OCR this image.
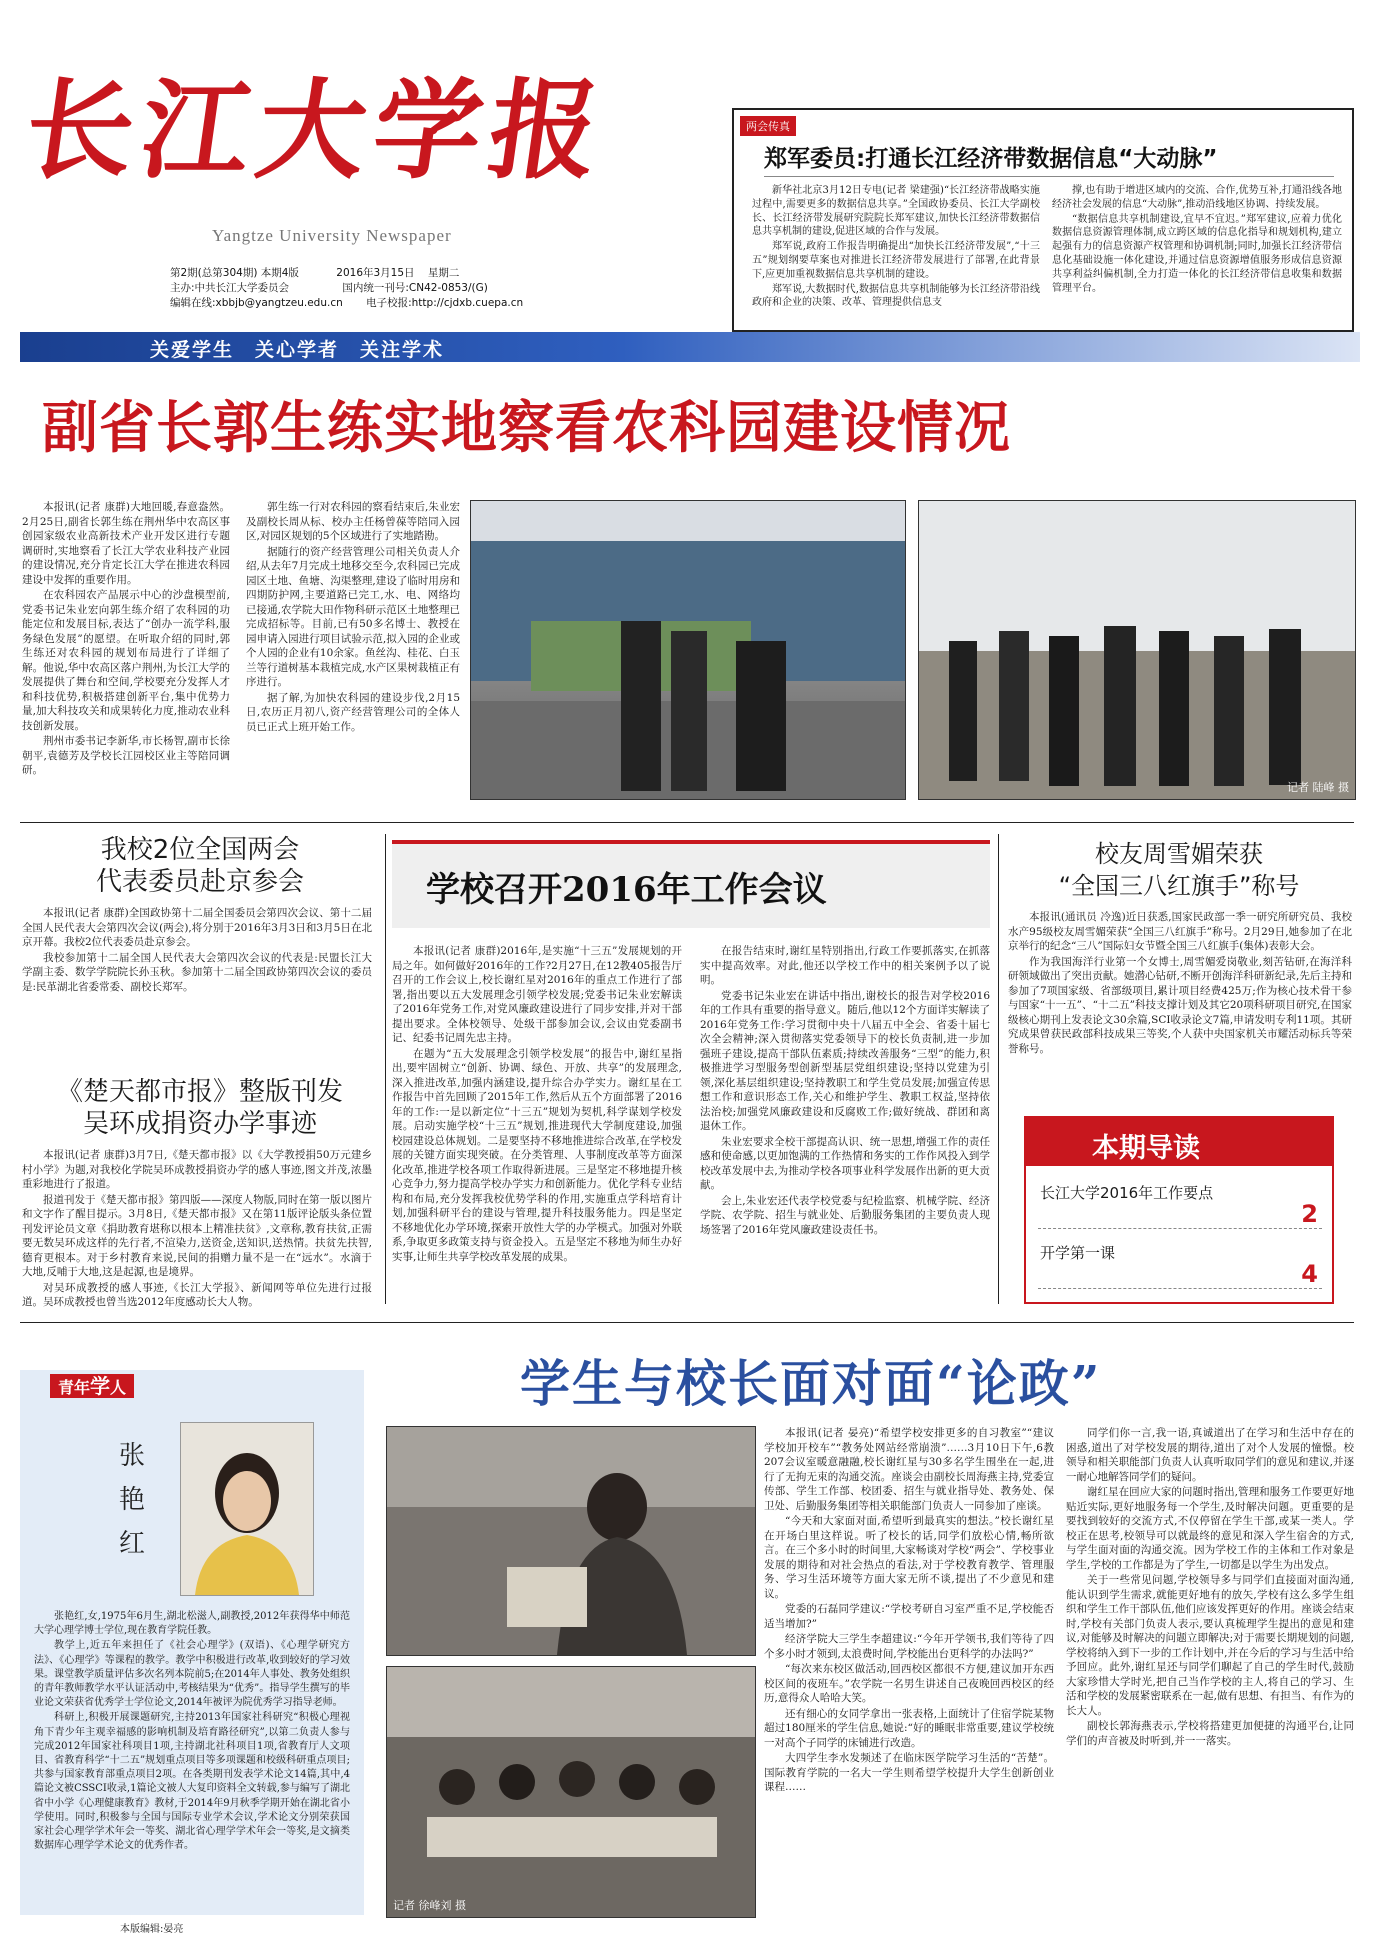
长江大学报
Yangtze University Newspaper
第2期(总第304期) 本期4版	2016年3月15日 星期二
主办:中共长江大学委员会	国内统一刊号:CN42-0853/(G)
编辑在线:xbbjb@yangtzeu.edu.cn 电子校报:http://cjdxb.cuepa.cn
关爱学生　关心学者　关注学术
两会传真
郑军委员:打通长江经济带数据信息“大动脉”

新华社北京3月12日专电(记者 梁建强)“长江经济带战略实施过程中,需要更多的数据信息共享。”全国政协委员、长江大学副校长、长江经济带发展研究院院长郑军建议,加快长江经济带数据信息共享机制的建设,促进区域的合作与发展。

郑军说,政府工作报告明确提出“加快长江经济带发展”,“十三五”规划纲要草案也对推进长江经济带发展进行了部署,在此背景下,应更加重视数据信息共享机制的建设。

郑军说,大数据时代,数据信息共享机制能够为长江经济带沿线政府和企业的决策、改革、管理提供信息支

撑,也有助于增进区域内的交流、合作,优势互补,打通沿线各地经济社会发展的信息“大动脉”,推动沿线地区协调、持续发展。

“数据信息共享机制建设,宜早不宜迟。”郑军建议,应着力优化数据信息资源管理体制,成立跨区域的信息化指导和规划机构,建立起强有力的信息资源产权管理和协调机制;同时,加强长江经济带信息化基础设施一体化建设,并通过信息资源增值服务形成信息资源共享利益纠偏机制,全力打造一体化的长江经济带信息收集和数据管理平台。

副省长郭生练实地察看农科园建设情况

本报讯(记者 康群)大地回暖,春意盎然。2月25日,副省长郭生练在荆州华中农高区事创园家级农业高新技术产业开发区进行专题调研时,实地察看了长江大学农业科技产业园的建设情况,充分肯定长江大学在推进农科园建设中发挥的重要作用。

在农科园农产品展示中心的沙盘模型前,党委书记朱业宏向郭生练介绍了农科园的功能定位和发展目标,表达了“创办一流学科,服务绿色发展”的愿望。在听取介绍的同时,郭生练还对农科园的规划布局进行了详细了解。他说,华中农高区落户荆州,为长江大学的发展提供了舞台和空间,学校要充分发挥人才和科技优势,积极搭建创新平台,集中优势力量,加大科技攻关和成果转化力度,推动农业科技创新发展。

荆州市委书记李新华,市长杨智,副市长徐朝平,袁德芳及学校长江园校区业主等陪同调研。

郭生练一行对农科园的察看结束后,朱业宏及副校长周从标、校办主任杨曾葆等陪同入园区,对园区规划的5个区域进行了实地踏勘。

据随行的资产经营管理公司相关负责人介绍,从去年7月完成土地移交至今,农科园已完成园区土地、鱼塘、沟渠整理,建设了临时用房和四期防护网,主要道路已完工,水、电、网络均已接通,农学院大田作物科研示范区土地整理已完成招标等。目前,已有50多名博士、教授在园申请入园进行项目试验示范,拟入园的企业或个人园的企业有10余家。鱼丝沟、桂花、白玉兰等行道树基本栽植完成,水产区果树栽植正有序进行。

据了解,为加快农科园的建设步伐,2月15日,农历正月初八,资产经营管理公司的全体人员已正式上班开始工作。

记者 陆峰 摄
我校2位全国两会
代表委员赴京参会

本报讯(记者 康群)全国政协第十二届全国委员会第四次会议、第十二届全国人民代表大会第四次会议(两会),将分别于2016年3月3日和3月5日在北京开幕。我校2位代表委员赴京参会。

我校参加第十二届全国人民代表大会第四次会议的代表是:民盟长江大学副主委、数学学院院长孙玉秋。参加第十二届全国政协第四次会议的委员是:民革湖北省委常委、副校长郑军。

《楚天都市报》整版刊发
吴环成捐资办学事迹

本报讯(记者 康群)3月7日,《楚天都市报》以《大学教授捐50万元建乡村小学》为题,对我校化学院吴环成教授捐资办学的感人事迹,图文并茂,浓墨重彩地进行了报道。

报道刊发于《楚天都市报》第四版——深度人物版,同时在第一版以图片和文字作了醒目提示。3月8日,《楚天都市报》又在第11版评论版头条位置刊发评论员文章《捐助教育堪称以根本上精准扶贫》,文章称,教育扶贫,正需要无数吴环成这样的先行者,不渲染力,送资金,送知识,送热情。扶贫先扶智,德育更根本。对于乡村教育来说,民间的捐赠力量不是一在“远水”。水滴于大地,反哺于大地,这是起源,也是境界。

对吴环成教授的感人事迹,《长江大学报》、新闻网等单位先进行过报道。吴环成教授也曾当选2012年度感动长大人物。

学校召开2016年工作会议

本报讯(记者 康群)2016年,是实施“十三五”发展规划的开局之年。如何做好2016年的工作?2月27日,在12教405报告厅召开的工作会议上,校长谢红星对2016年的重点工作进行了部署,指出要以五大发展理念引领学校发展;党委书记朱业宏解读了2016年党务工作,对党风廉政建设进行了同步安排,并对干部提出要求。全体校领导、处级干部参加会议,会议由党委副书记、纪委书记周先忠主持。

在题为“五大发展理念引领学校发展”的报告中,谢红星指出,要牢固树立“创新、协调、绿色、开放、共享”的发展理念,深入推进改革,加强内涵建设,提升综合办学实力。谢红星在工作报告中首先回顾了2015年工作,然后从五个方面部署了2016年的工作:一是以新定位“十三五”规划为契机,科学谋划学校发展。启动实施学校“十三五”规划,推进现代大学制度建设,加强校园建设总体规划。二是要坚持不移地推进综合改革,在学校发展的关键方面实现突破。在分类管理、人事制度改革等方面深化改革,推进学校各项工作取得新进展。三是坚定不移地提升核心竞争力,努力提高学校办学实力和创新能力。优化学科专业结构和布局,充分发挥我校优势学科的作用,实施重点学科培育计划,加强科研平台的建设与管理,提升科技服务能力。四是坚定不移地优化办学环境,探索开放性大学的办学模式。加强对外联系,争取更多政策支持与资金投入。五是坚定不移地为师生办好实事,让师生共享学校改革发展的成果。

在报告结束时,谢红星特别指出,行政工作要抓落实,在抓落实中提高效率。对此,他还以学校工作中的相关案例予以了说明。

党委书记朱业宏在讲话中指出,谢校长的报告对学校2016年的工作具有重要的指导意义。随后,他以12个方面详实解读了2016年党务工作:学习贯彻中央十八届五中全会、省委十届七次全会精神;深入贯彻落实党委领导下的校长负责制,进一步加强班子建设,提高干部队伍素质;持续改善服务“三型”的能力,积极推进学习型服务型创新型基层党组织建设;坚持以党建为引领,深化基层组织建设;坚持教职工和学生党员发展;加强宣传思想工作和意识形态工作,关心和维护学生、教职工权益,坚持依法治校;加强党风廉政建设和反腐败工作;做好统战、群团和离退休工作。

朱业宏要求全校干部提高认识、统一思想,增强工作的责任感和使命感,以更加饱满的工作热情和务实的工作作风投入到学校改革发展中去,为推动学校各项事业科学发展作出新的更大贡献。

会上,朱业宏还代表学校党委与纪检监察、机械学院、经济学院、农学院、招生与就业处、后勤服务集团的主要负责人现场签署了2016年党风廉政建设责任书。

校友周雪媚荣获
“全国三八红旗手”称号

本报讯(通讯员 冷逸)近日获悉,国家民政部一季一研究所研究员、我校水产95级校友周雪媚荣获“全国三八红旗手”称号。2月29日,她参加了在北京举行的纪念“三八”国际妇女节暨全国三八红旗手(集体)表彰大会。

作为我国海洋行业第一个女博士,周雪媚爱岗敬业,刻苦钻研,在海洋科研领域做出了突出贡献。她潜心钻研,不断开创海洋科研新纪录,先后主持和参加了7项国家级、省部级项目,累计项目经费425万;作为核心技术骨干参与国家“十一五”、“十二五”科技支撑计划及其它20项科研项目研究,在国家级核心期刊上发表论文30余篇,SCI收录论文7篇,申请发明专利11项。其研究成果曾获民政部科技成果三等奖,个人获中央国家机关市耀活动标兵等荣誉称号。

本期导读
长江大学2016年工作要点
2
开学第一课
4
青年学人
张
艳
红

张艳红,女,1975年6月生,湖北松滋人,副教授,2012年获得华中师范大学心理学博士学位,现在教育学院任教。

教学上,近五年来担任了《社会心理学》(双语)、《心理学研究方法》、《心理学》等课程的教学。教学中积极进行改革,收到较好的学习效果。课堂教学质量评估多次名列本院前5;在2014年人事处、教务处组织的青年教师教学水平认证活动中,考核结果为“优秀”。指导学生撰写的毕业论文荣获省优秀学士学位论文,2014年被评为院优秀学习指导老师。

科研上,积极开展课题研究,主持2013年国家社科研究“积极心理视角下青少年主观幸福感的影响机制及培育路径研究”,以第二负责人参与完成2012年国家社科项目1项,主持湖北社科项目1项,省教育厅人文项目、省教育科学“十二五”规划重点项目等多项课题和校级科研重点项目;共参与国家教育部重点项目2项。在各类期刊发表学术论文14篇,其中,4篇论文被CSSCI收录,1篇论文被人大复印资料全文转载,参与编写了湖北省中小学《心理健康教育》教材,于2014年9月秋季学期开始在湖北省小学使用。同时,积极参与全国与国际专业学术会议,学术论文分别荣获国家社会心理学学术年会一等奖、湖北省心理学学术年会一等奖,是文摘类数据库心理学学术论文的优秀作者。

本版编辑:晏亮
学生与校长面对面“论政”
记者 徐峰刘 摄

本报讯(记者 晏亮)“希望学校安排更多的自习教室”“建议学校加开校车”“教务处网站经常崩溃”……3月10日下午,6教207会议室暖意融融,校长谢红星与30多名学生围坐在一起,进行了无拘无束的沟通交流。座谈会由副校长周海燕主持,党委宣传部、学生工作部、校团委、招生与就业指导处、教务处、保卫处、后勤服务集团等相关职能部门负责人一同参加了座谈。

“今天和大家面对面,希望听到最真实的想法。”校长谢红星在开场白里这样说。听了校长的话,同学们放松心情,畅所欲言。在三个多小时的时间里,大家畅谈对学校“两会”、学校事业发展的期待和对社会热点的看法,对于学校教育教学、管理服务、学习生活环境等方面大家无所不谈,提出了不少意见和建议。

党委的石磊同学建议:“学校考研自习室严重不足,学校能否适当增加?”

经济学院大三学生李超建议:“今年开学领书,我们等待了四个多小时才领到,太浪费时间,学校能出台更科学的办法吗?”

“每次来东校区做活动,回西校区都很不方便,建议加开东西校区间的夜班车。”农学院一名男生讲述自己夜晚回西校区的经历,意得众人哈哈大笑。

还有细心的女同学拿出一张表格,上面统计了住宿学院某物超过180厘米的学生信息,她说:“好的睡眠非常重要,建议学校统一对高个子同学的床铺进行改造。

大四学生李水发频述了在临床医学院学习生活的“苦楚”。国际教育学院的一名大一学生则希望学校提升大学生创新创业课程……

同学们你一言,我一语,真诚道出了在学习和生活中存在的困惑,道出了对学校发展的期待,道出了对个人发展的憧憬。校领导和相关职能部门负责人认真听取同学们的意见和建议,并逐一耐心地解答同学们的疑问。

谢红星在回应大家的问题时指出,管理和服务工作要更好地贴近实际,更好地服务每一个学生,及时解决问题。更重要的是要找到较好的交流方式,不仅停留在学生干部,或某一类人。学校正在思考,校领导可以就最终的意见和深入学生宿舍的方式,与学生面对面的沟通交流。因为学校工作的主体和工作对象是学生,学校的工作都是为了学生,一切都是以学生为出发点。

关于一些常见问题,学校领导多与同学们直接面对面沟通,能认识到学生需求,就能更好地有的放矢,学校有这么多学生组织和学生工作干部队伍,他们应该发挥更好的作用。座谈会结束时,学校有关部门负责人表示,要认真梳理学生提出的意见和建议,对能够及时解决的问题立即解决;对于需要长期规划的问题,学校将纳入到下一步的工作计划中,并在今后的学习与生活中给予回应。此外,谢红星还与同学们聊起了自己的学生时代,鼓励大家珍惜大学时光,把自己当作学校的主人,将自己的学习、生活和学校的发展紧密联系在一起,做有思想、有担当、有作为的长大人。

副校长郭海燕表示,学校将搭建更加便捷的沟通平台,让同学们的声音被及时听到,并一一落实。
